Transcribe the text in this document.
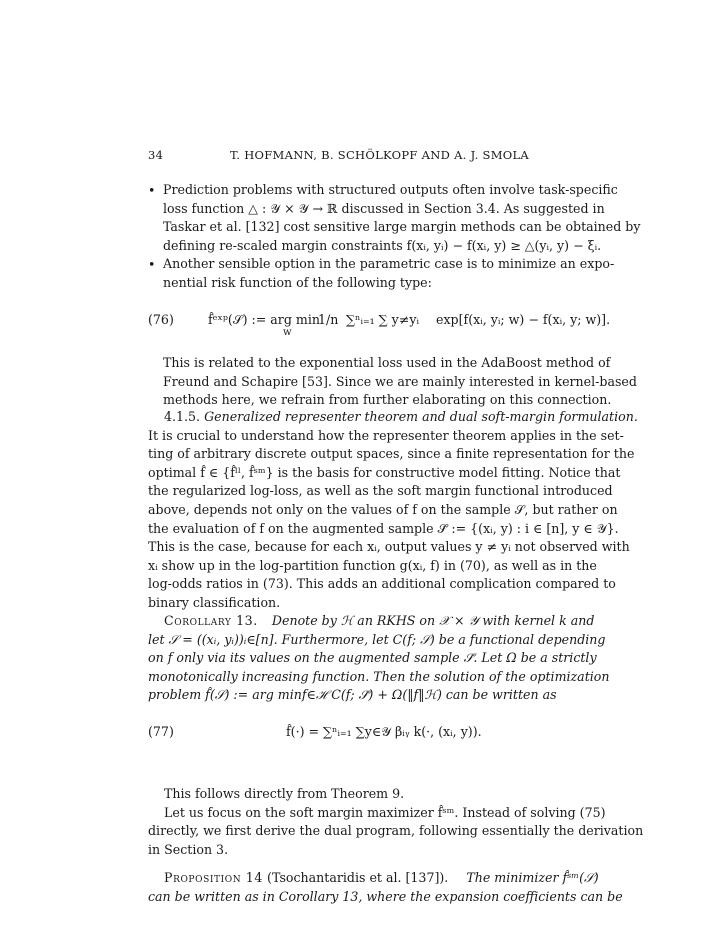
34	T. HOFMANN, B. SCHÖLKOPF AND A. J. SMOLA
• Prediction problems with structured outputs often involve task-specific
loss function △ : 𝒴 × 𝒴 → ℝ discussed in Section 3.4. As suggested in
Taskar et al. [132] cost sensitive large margin methods can be obtained by
defining re-scaled margin constraints f(xᵢ, yᵢ) − f(xᵢ, y) ≥ △(yᵢ, y) − ξᵢ.
• Another sensible option in the parametric case is to minimize an expo-
nential risk function of the following type:
(76)	f̂ᵉˣᵖ(𝒮) := arg min
w
1/n ∑ⁿᵢ₌₁ ∑ y≠yᵢ exp[f(xᵢ, yᵢ; w) − f(xᵢ, y; w)].
This is related to the exponential loss used in the AdaBoost method of
Freund and Schapire [53]. Since we are mainly interested in kernel-based
methods here, we refrain from further elaborating on this connection.
4.1.5. Generalized representer theorem and dual soft-margin formulation.
It is crucial to understand how the representer theorem applies in the set-
ting of arbitrary discrete output spaces, since a finite representation for the
optimal f̂ ∈ {f̂ˡˡ, f̂ˢᵐ} is the basis for constructive model fitting. Notice that
the regularized log-loss, as well as the soft margin functional introduced
above, depends not only on the values of f on the sample 𝒮, but rather on
the evaluation of f on the augmented sample 𝒮̃ := {(xᵢ, y) : i ∈ [n], y ∈ 𝒴}.
This is the case, because for each xᵢ, output values y ≠ yᵢ not observed with
xᵢ show up in the log-partition function g(xᵢ, f) in (70), as well as in the
log-odds ratios in (73). This adds an additional complication compared to
binary classification.
Corollary 13. Denote by ℋ an RKHS on 𝒳 × 𝒴 with kernel k and
let 𝒮 = ((xᵢ, yᵢ))ᵢ∈[n]. Furthermore, let C(f; 𝒮) be a functional depending
on f only via its values on the augmented sample 𝒮̃. Let Ω be a strictly
monotonically increasing function. Then the solution of the optimization
problem f̂(𝒮) := arg minf∈ℋ C(f; 𝒮̃) + Ω(‖f‖ℋ) can be written as
(77)	f̂(·) = ∑ⁿᵢ₌₁ ∑y∈𝒴 βᵢᵧ k(·, (xᵢ, y)).
This follows directly from Theorem 9.
Let us focus on the soft margin maximizer f̂ˢᵐ. Instead of solving (75)
directly, we first derive the dual program, following essentially the derivation
in Section 3.
Proposition 14 (Tsochantaridis et al. [137]). The minimizer f̂ˢᵐ(𝒮)
can be written as in Corollary 13, where the expansion coefficients can be
